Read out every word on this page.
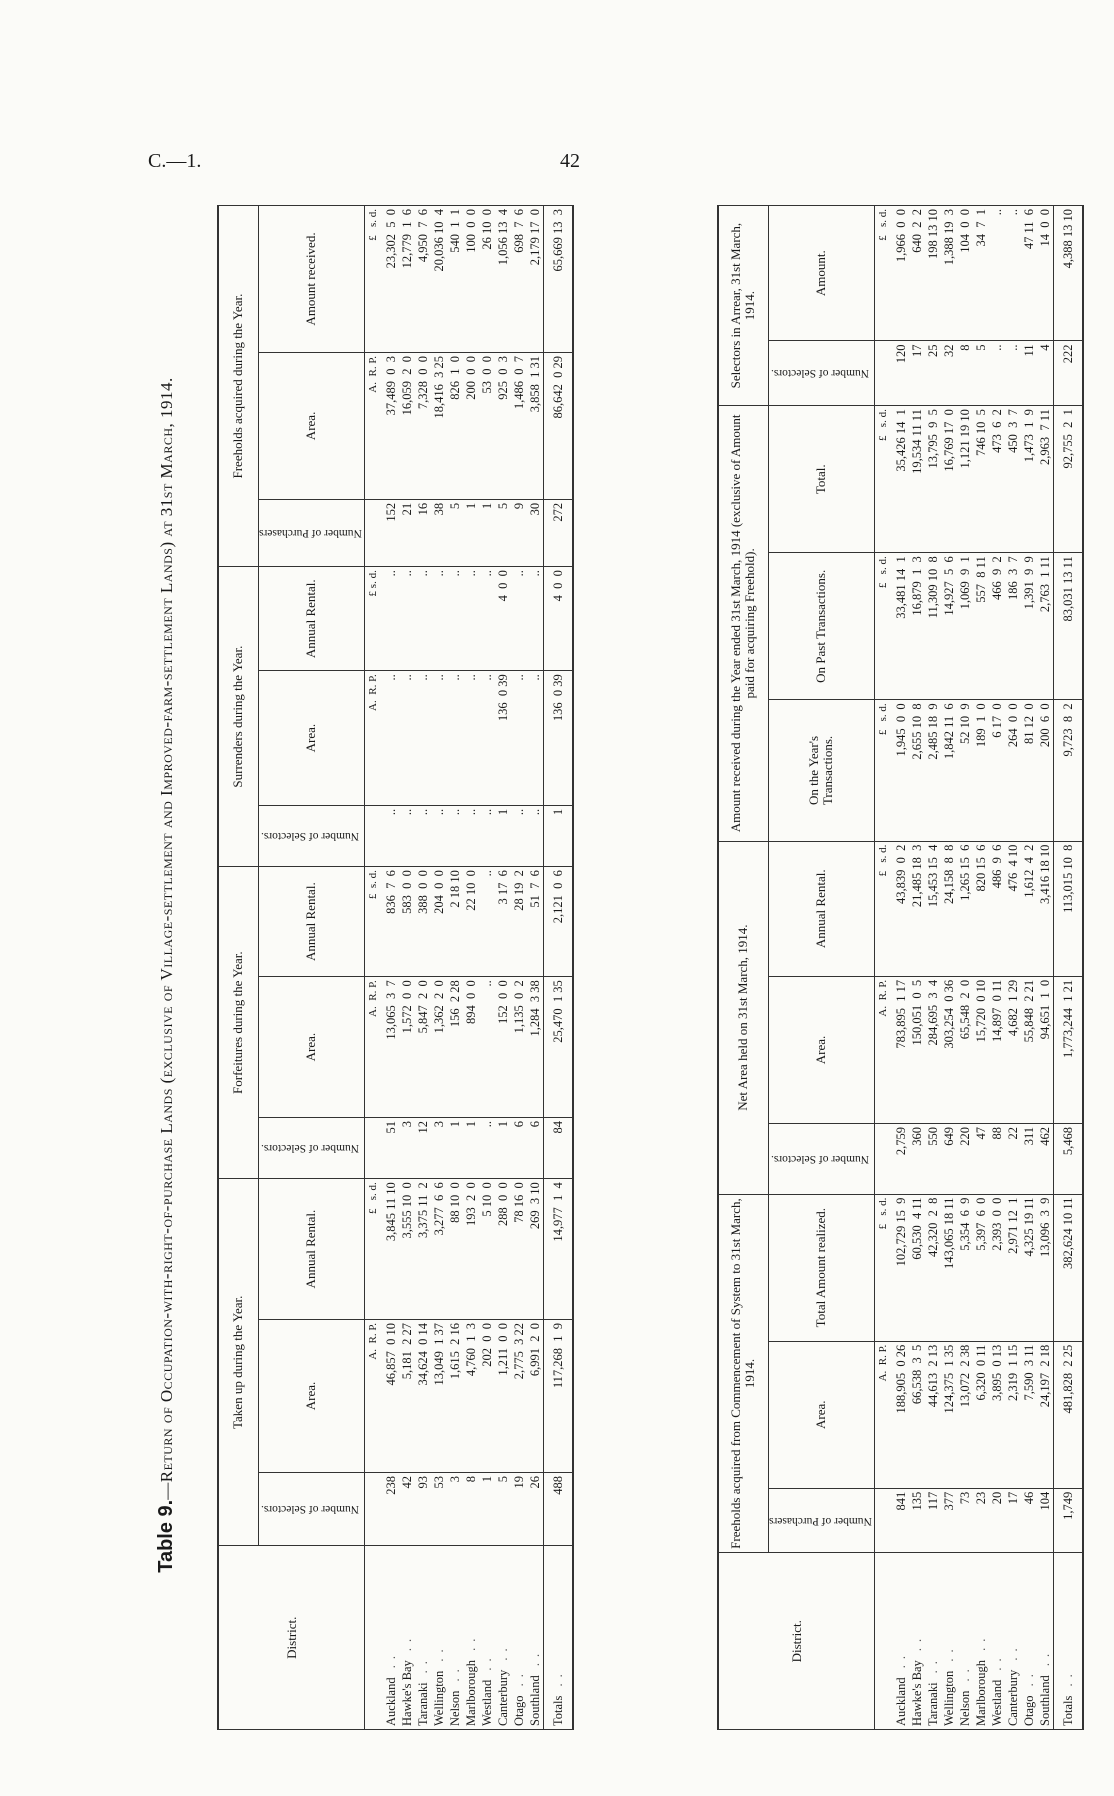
C.—1.	42
Table 9.—Return of Occupation-with-right-of-purchase Lands (exclusive of Village-settlement and Improved-farm-settlement Lands) at 31st March, 1914.
District.	Taken up during the Year.			Forfeitures during the Year.			Surrenders during the Year.			Freeholds acquired during the Year.		
	Number of Selectors.	Area.	Annual Rental.	Number of Selectors.	Area.	Annual Rental.	Number of Selectors.	Area.	Annual Rental.	Number of Purchasers	Area.	Amount received.
		A.  R. P.	£   s. d.		A.  R. P.	£  s. d.		A.  R. P.	£ s. d.		A.  R. P.	£   s. d.
Auckland ..	238	46,857  0 10	3,845 11 10	51	13,065  3  7	836  7  6	..	..	..	152	37,489  0  3	23,302  5  0
Hawke's Bay ..	42	5,181  2 27	3,555 10  0	3	1,572  0  0	583  0  0	..	..	..	21	16,059  2  0	12,779  1  6
Taranaki ..	93	34,624  0 14	3,375 11  2	12	5,847  2  0	388  0  0	..	..	..	16	7,328  0  0	4,950  7  6
Wellington ..	53	13,049  1 37	3,277  6  6	3	1,362  2  0	204  0  0	..	..	..	38	18,416  3 25	20,036 10  4
Nelson ..	3	1,615  2 16	88 10  0	1	156  2 28	2 18 10	..	..	..	5	826  1  0	540  1  1
Marlborough ..	8	4,760  1  3	193  2  0	1	894  0  0	22 10  0	..	..	..	1	200  0  0	100  0  0
Westland ..	1	202  0  0	5 10  0	..	..	..	..	..	..	1	53  0  0	26 10  0
Canterbury ..	5	1,211  0  0	288  0  0	1	152  0  0	3 17  6	1	136  0 39	4  0  0	5	925  0  3	1,056 13  4
Otago ..	19	2,775  3 22	78 16  0	6	1,135  0  2	28 19  2	..	..	..	9	1,486  0  7	698  7  6
Southland ..	26	6,991  2  0	269  3 10	6	1,284  3 38	51  7  6	..	..	..	30	3,858  1 31	2,179 17  0
Totals ..	488	117,268  1  9	14,977  1  4	84	25,470  1 35	2,121  0  6	1	136  0 39	4  0  0	272	86,642  0 29	65,669 13  3
District.	Freeholds acquired from Commencement of System to 31st March, 1914.			Net Area held on 31st March, 1914.			Amount received during the Year ended 31st March, 1914 (exclusive of Amount paid for acquiring Freehold).			Selectors in Arrear, 31st March, 1914.	
	Number of Purchasers	Area.	Total Amount realized.	Number of Selectors.	Area.	Annual Rental.	On the Year's Transactions.	On Past Transactions.	Total.	Number of Selectors.	Amount.
		A.  R. P.	£   s. d.		A.  R. P.	£   s. d.	£   s. d.	£   s. d.	£   s. d.		£   s. d.
Auckland ..	841	188,905  0 26	102,729 15  9	2,759	783,895  1 17	43,839  0  2	1,945  0  0	33,481 14  1	35,426 14  1	120	1,966  0  0
Hawke's Bay ..	135	66,538  3  5	60,530  4 11	360	150,051  0  5	21,485 18  3	2,655 10  8	16,879  1  3	19,534 11 11	17	640  2  2
Taranaki ..	117	44,613  2 13	42,320  2  8	550	284,695  3  4	15,453 15  4	2,485 18  9	11,309 10  8	13,795  9  5	25	198 13 10
Wellington ..	377	124,375  1 35	143,065 18 11	649	303,254  0 36	24,158  8  8	1,842 11  6	14,927  5  6	16,769 17  0	32	1,388 19  3
Nelson ..	73	13,072  2 38	5,354  6  9	220	65,548  2  0	1,265 15  6	52 10  9	1,069  9  1	1,121 19 10	8	104  0  0
Marlborough ..	23	6,320  0 11	5,397  6  0	47	15,720  0 10	820 15  6	189  1  0	557  8 11	746 10  5	5	34  7  1
Westland ..	20	3,895  0 13	2,393  0  0	88	14,897  0 11	486  9  6	6 17  0	466  9  2	473  6  2	..	..
Canterbury ..	17	2,319  1 15	2,971 12  1	22	4,682  1 29	476  4 10	264  0  0	186  3  7	450  3  7	..	..
Otago ..	46	7,590  3 11	4,325 19 11	311	55,848  2 21	1,612  4  2	81 12  0	1,391  9  9	1,473  1  9	11	47 11  6
Southland ..	104	24,197  2 18	13,096  3  9	462	94,651  1  0	3,416 18 10	200  6  0	2,763  1 11	2,963  7 11	4	14  0  0
Totals ..	1,749	481,828  2 25	382,624 10 11	5,468	1,773,244  1 21	113,015 10  8	9,723  8  2	83,031 13 11	92,755  2  1	222	4,388 13 10
